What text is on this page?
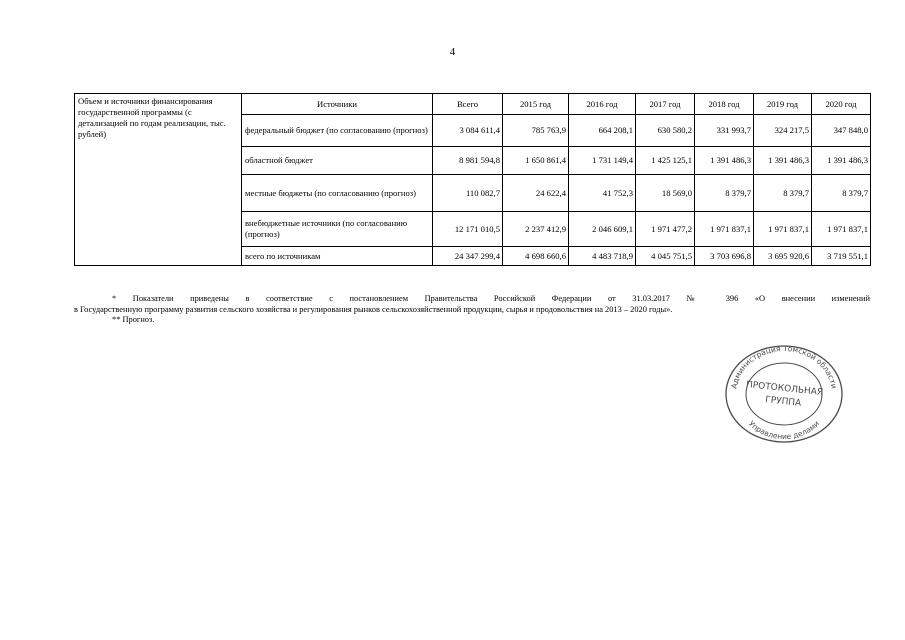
4
Объем и источники финансирования государственной программы (с детализацией по годам реализации, тыс. рублей)	Источники	Всего	2015 год	2016 год	2017 год	2018 год	2019 год	2020 год
	федеральный бюджет (по согласованию (прогноз)	3 084 611,4	785 763,9	664 208,1	630 580,2	331 993,7	324 217,5	347 848,0
	областной бюджет	8 981 594,8	1 650 861,4	1 731 149,4	1 425 125,1	1 391 486,3	1 391 486,3	1 391 486,3
	местные бюджеты (по согласованию (прогноз)	110 082,7	24 622,4	41 752,3	18 569,0	8 379,7	8 379,7	8 379,7
	внебюджетные источники (по согласованию (прогноз)	12 171 010,5	2 237 412,9	2 046 609,1	1 971 477,2	1 971 837,1	1 971 837,1	1 971 837,1
	всего по источникам	24 347 299,4	4 698 660,6	4 483 718,9	4 045 751,5	3 703 696,8	3 695 920,6	3 719 551,1

* Показатели приведены в соответствие с постановлением Правительства Российской Федерации от 31.03.2017 № 396 «О внесении изменений

в Государственную программу развития сельского хозяйства и регулирования рынков сельскохозяйственной продукции, сырья и продовольствия на 2013 – 2020 годы».

** Прогноз.

Администрация Томской области
Управление делами
ПРОТОКОЛЬНАЯ
ГРУППА
